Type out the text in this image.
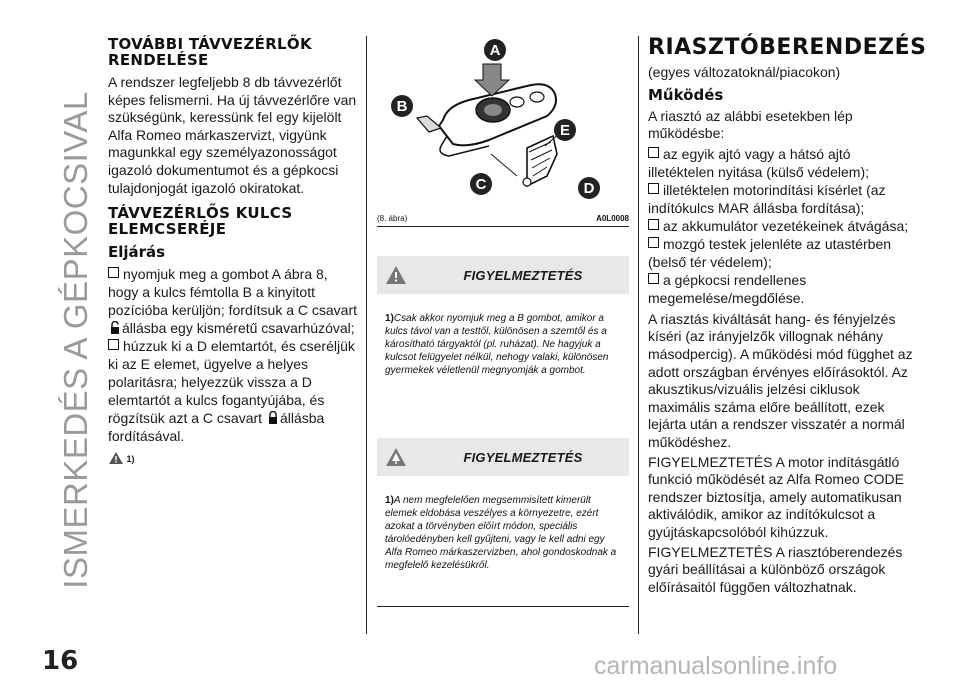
ISMERKEDÉS A GÉPKOCSIVAL
TOVÁBBI TÁVVEZÉRLŐK RENDELÉSE

A rendszer legfeljebb 8 db távvezérlőt képes felismerni. Ha új távvezérlőre van szükségünk, keressünk fel egy kijelölt Alfa Romeo márkaszervizt, vigyünk magunkkal egy személyazonosságot igazoló dokumentumot és a gépkocsi tulajdonjogát igazoló okiratokat.

TÁVVEZÉRLŐS KULCS ELEMCSERÉJE
Eljárás

nyomjuk meg a gombot A ábra 8, hogy a kulcs fémtolla B a kinyitott pozícióba kerüljön; fordítsuk a C csavart állásba egy kisméretű csavarhúzóval;

húzzuk ki a D elemtartót, és cseréljük ki az E elemet, ügyelve a helyes polaritásra; helyezzük vissza a D elemtartót a kulcs fogantyújába, és rögzítsük azt a C csavart állásba fordításával.

1)
A
B
C	D
E
(8. ábra)	A0L0008
FIGYELMEZTETÉS
1)Csak akkor nyomjuk meg a B gombot, amikor a kulcs távol van a testtől, különösen a szemtől és a károsítható tárgyaktól (pl. ruházat). Ne hagyjuk a kulcsot felügyelet nélkül, nehogy valaki, különösen gyermekek véletlenül megnyomják a gombot.
FIGYELMEZTETÉS
1)A nem megfelelően megsemmisített kimerült elemek eldobása veszélyes a környezetre, ezért azokat a törvényben előírt módon, speciális tárolóedényben kell gyűjteni, vagy le kell adni egy Alfa Romeo márkaszervizben, ahol gondoskodnak a megfelelő kezelésükről.
RIASZTÓBERENDEZÉS

(egyes változatoknál/piacokon)

Működés

A riasztó az alábbi esetekben lép működésbe:

az egyik ajtó vagy a hátsó ajtó illetéktelen nyitása (külső védelem);

illetéktelen motorindítási kísérlet (az indítókulcs MAR állásba fordítása);

az akkumulátor vezetékeinek átvágása;

mozgó testek jelenléte az utastérben (belső tér védelem);

a gépkocsi rendellenes megemelése/megdőlése.

A riasztás kiváltását hang- és fényjelzés kíséri (az irányjelzők villognak néhány másodpercig). A működési mód függhet az adott országban érvényes előírásoktól. Az akusztikus/vizuális jelzési ciklusok maximális száma előre beállított, ezek lejárta után a rendszer visszatér a normál működéshez.

FIGYELMEZTETÉS A motor indításgátló funkció működését az Alfa Romeo CODE rendszer biztosítja, amely automatikusan aktiválódik, amikor az indítókulcsot a gyújtáskapcsolóból kihúzzuk.

FIGYELMEZTETÉS A riasztóberendezés gyári beállításai a különböző országok előírásaitól függően változhatnak.

16	carmanualsonline.info
